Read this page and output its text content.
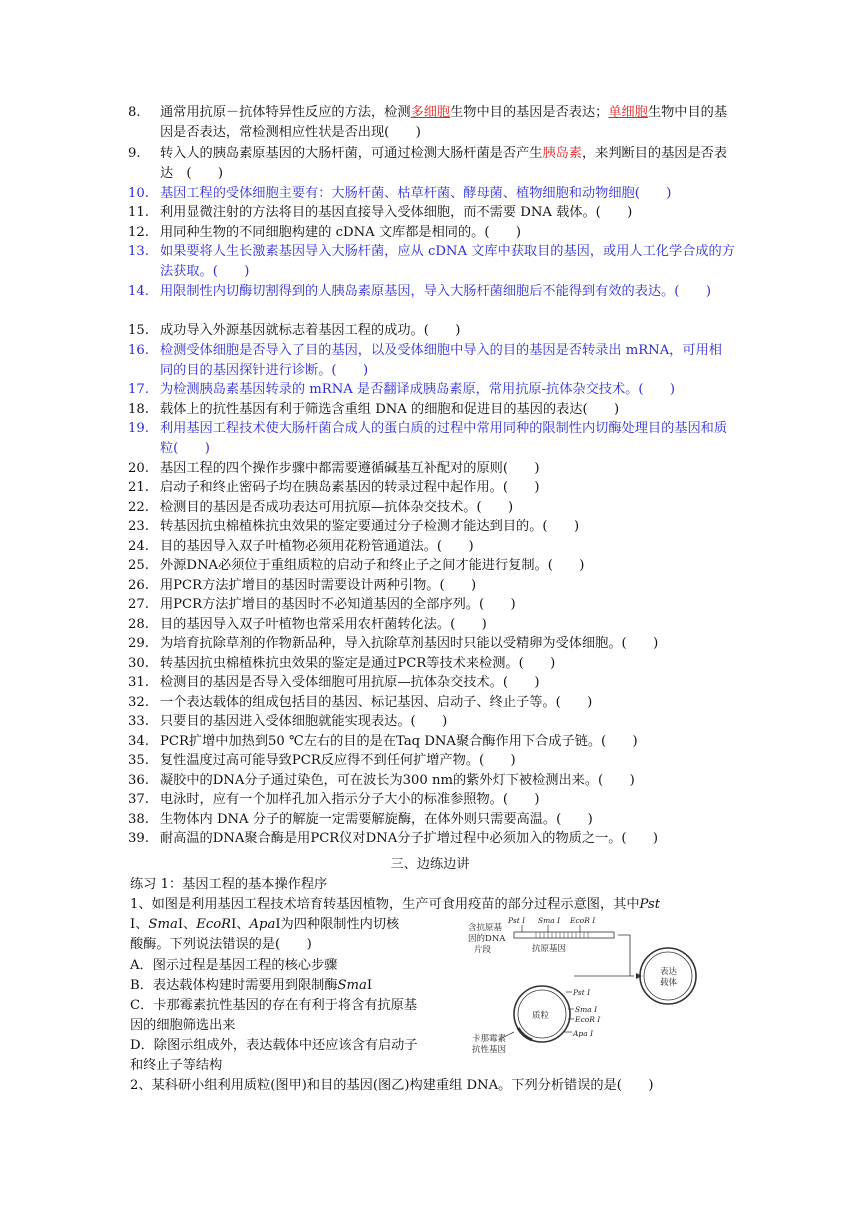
8. 通常用抗原－抗体特异性反应的方法，检测多细胞生物中目的基因是否表达；单细胞生物中目的基因是否表达，常检测相应性状是否出现(　　)
9. 转入人的胰岛素原基因的大肠杆菌，可通过检测大肠杆菌是否产生胰岛素，来判断目的基因是否表达　(　　)
10. 基因工程的受体细胞主要有：大肠杆菌、枯草杆菌、酵母菌、植物细胞和动物细胞(　　)
11. 利用显微注射的方法将目的基因直接导入受体细胞，而不需要 DNA 载体。(　　)
12. 用同种生物的不同细胞构建的 cDNA 文库都是相同的。(　　)
13. 如果要将人生长激素基因导入大肠杆菌，应从 cDNA 文库中获取目的基因，或用人工化学合成的方法获取。(　　)
14. 用限制性内切酶切割得到的人胰岛素原基因，导入大肠杆菌细胞后不能得到有效的表达。(　　)
15. 成功导入外源基因就标志着基因工程的成功。(　　)
16. 检测受体细胞是否导入了目的基因，以及受体细胞中导入的目的基因是否转录出 mRNA，可用相同的目的基因探针进行诊断。(　　)
17. 为检测胰岛素基因转录的 mRNA 是否翻译成胰岛素原，常用抗原-抗体杂交技术。(　　)
18. 载体上的抗性基因有利于筛选含重组 DNA 的细胞和促进目的基因的表达(　　)
19. 利用基因工程技术使大肠杆菌合成人的蛋白质的过程中常用同种的限制性内切酶处理目的基因和质粒(　　)
20. 基因工程的四个操作步骤中都需要遵循碱基互补配对的原则(　　)
21. 启动子和终止密码子均在胰岛素基因的转录过程中起作用。(　　)
22. 检测目的基因是否成功表达可用抗原—抗体杂交技术。(　　)
23. 转基因抗虫棉植株抗虫效果的鉴定要通过分子检测才能达到目的。(　　)
24. 目的基因导入双子叶植物必须用花粉管通道法。(　　)
25. 外源DNA必须位于重组质粒的启动子和终止子之间才能进行复制。(　　)
26. 用PCR方法扩增目的基因时需要设计两种引物。(　　)
27. 用PCR方法扩增目的基因时不必知道基因的全部序列。(　　)
28. 目的基因导入双子叶植物也常采用农杆菌转化法。(　　)
29. 为培育抗除草剂的作物新品种，导入抗除草剂基因时只能以受精卵为受体细胞。(　　)
30. 转基因抗虫棉植株抗虫效果的鉴定是通过PCR等技术来检测。(　　)
31. 检测目的基因是否导入受体细胞可用抗原—抗体杂交技术。(　　)
32. 一个表达载体的组成包括目的基因、标记基因、启动子、终止子等。(　　)
33. 只要目的基因进入受体细胞就能实现表达。(　　)
34. PCR扩增中加热到50 ℃左右的目的是在Taq DNA聚合酶作用下合成子链。(　　)
35. 复性温度过高可能导致PCR反应得不到任何扩增产物。(　　)
36. 凝胶中的DNA分子通过染色，可在波长为300 nm的紫外灯下被检测出来。(　　)
37. 电泳时，应有一个加样孔加入指示分子大小的标准参照物。(　　)
38. 生物体内 DNA 分子的解旋一定需要解旋酶，在体外则只需要高温。(　　)
39. 耐高温的DNA聚合酶是用PCR仪对DNA分子扩增过程中必须加入的物质之一。(　　)
三、边练边讲
练习 1：基因工程的基本操作程序
1、如图是利用基因工程技术培育转基因植物，生产可食用疫苗的部分过程示意图，其中Pst
Ⅰ、SmaⅠ、EcoRⅠ、ApaⅠ为四种限制性内切核
酸酶。下列说法错误的是(　　)
A．图示过程是基因工程的核心步骤
B．表达载体构建时需要用到限制酶SmaⅠ
C．卡那霉素抗性基因的存在有利于将含有抗原基
因的细胞筛选出来
D．除图示组成外，表达载体中还应该含有启动子
和终止子等结构
2、某科研小组利用质粒(图甲)和目的基因(图乙)构建重组 DNA。下列分析错误的是(　　)
含抗原基
因的DNA
片段	抗原基因
Pst Ⅰ Sma Ⅰ EcoR Ⅰ
质粒
Pst Ⅰ
Sma Ⅰ
EcoR Ⅰ
Apa Ⅰ
卡那霉素
抗性基因
表达
载体
